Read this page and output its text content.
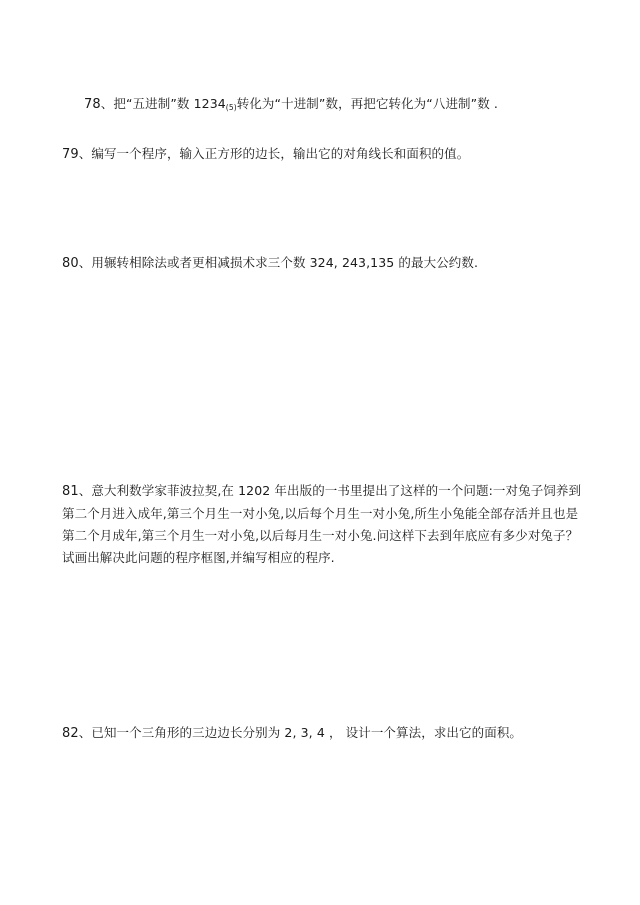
78、把“五进制”数 $1234_{(5)}$转化为“十进制”数，再把它转化为“八进制”数 .
79、编写一个程序，输入正方形的边长，输出它的对角线长和面积的值。
80、用辗转相除法或者更相减损术求三个数 324, 243,135 的最大公约数.
81、意大利数学家菲波拉契,在 1202 年出版的一书里提出了这样的一个问题:一对兔子饲养到第二个月进入成年,第三个月生一对小兔,以后每个月生一对小兔,所生小兔能全部存活并且也是第二个月成年,第三个月生一对小兔,以后每月生一对小兔.问这样下去到年底应有多少对兔子？试画出解决此问题的程序框图,并编写相应的程序.
82、已知一个三角形的三边边长分别为 2, 3, 4 ， 设计一个算法，求出它的面积。
